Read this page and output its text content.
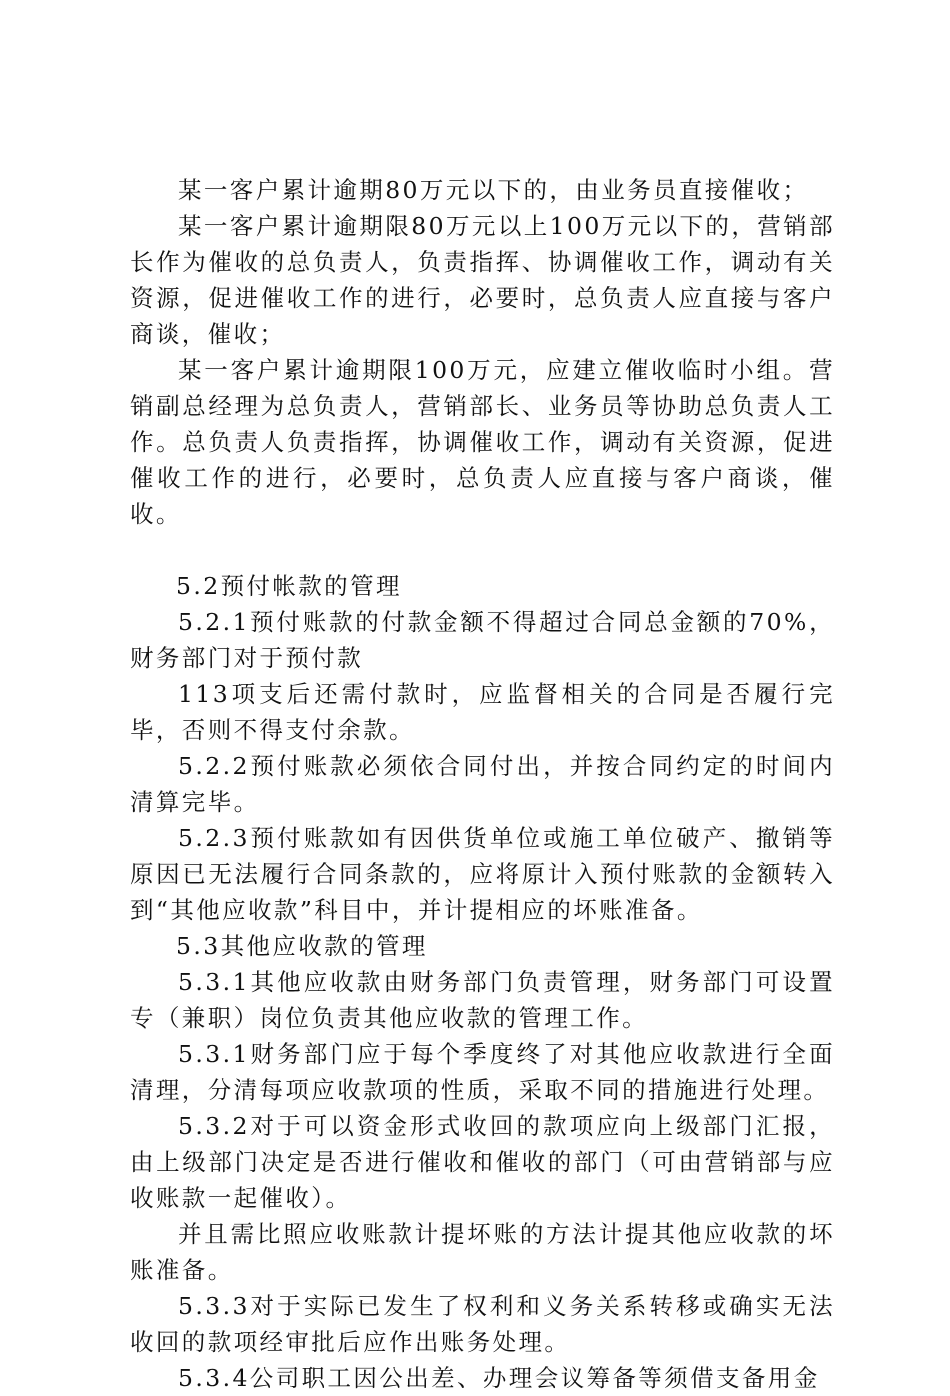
某一客户累计逾期80万元以下的，由业务员直接催收；

某一客户累计逾期限80万元以上100万元以下的，营销部长作为催收的总负责人，负责指挥、协调催收工作，调动有关资源，促进催收工作的进行，必要时，总负责人应直接与客户商谈，催收；

某一客户累计逾期限100万元，应建立催收临时小组。营销副总经理为总负责人，营销部长、业务员等协助总负责人工作。总负责人负责指挥，协调催收工作，调动有关资源，促进催收工作的进行，必要时，总负责人应直接与客户商谈，催收。

5.2预付帐款的管理

5.2.1预付账款的付款金额不得超过合同总金额的70%，财务部门对于预付款

113项支后还需付款时，应监督相关的合同是否履行完毕，否则不得支付余款。

5.2.2预付账款必须依合同付出，并按合同约定的时间内清算完毕。

5.2.3预付账款如有因供货单位或施工单位破产、撤销等原因已无法履行合同条款的，应将原计入预付账款的金额转入到“其他应收款”科目中，并计提相应的坏账准备。

5.3其他应收款的管理

5.3.1其他应收款由财务部门负责管理，财务部门可设置专（兼职）岗位负责其他应收款的管理工作。

5.3.1财务部门应于每个季度终了对其他应收款进行全面清理，分清每项应收款项的性质，采取不同的措施进行处理。

5.3.2对于可以资金形式收回的款项应向上级部门汇报，由上级部门决定是否进行催收和催收的部门（可由营销部与应收账款一起催收）。

并且需比照应收账款计提坏账的方法计提其他应收款的坏账准备。

5.3.3对于实际已发生了权利和义务关系转移或确实无法收回的款项经审批后应作出账务处理。

5.3.4公司职工因公出差、办理会议筹备等须借支备用金
